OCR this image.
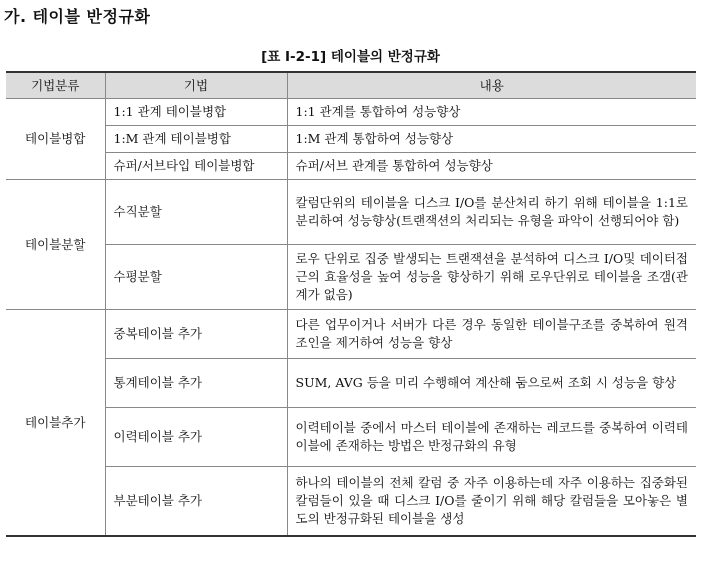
가. 테이블 반정규화
[표 Ⅰ-2-1] 테이블의 반정규화
기법분류	기법	내용
테이블병합	1:1 관계 테이블병합	1:1 관계를 통합하여 성능향상
	1:M 관계 테이블병합	1:M 관계 통합하여 성능향상
	슈퍼/서브타입 테이블병합	슈퍼/서브 관계를 통합하여 성능향상
테이블분할	수직분할	칼럼단위의 테이블을 디스크 I/O를 분산처리 하기 위해 테이블을 1:1로 분리하여 성능향상(트랜잭션의 처리되는 유형을 파악이 선행되어야 함)
	수평분할	로우 단위로 집중 발생되는 트랜잭션을 분석하여 디스크 I/O및 데이터접근의 효율성을 높여 성능을 향상하기 위해 로우단위로 테이블을 조갬(관계가 없음)
테이블추가	중복테이블 추가	다른 업무이거나 서버가 다른 경우 동일한 테이블구조를 중복하여 원격조인을 제거하여 성능을 향상
	통계테이블 추가	SUM, AVG 등을 미리 수행해여 계산해 둠으로써 조회 시 성능을 향상
	이력테이블 추가	이력테이블 중에서 마스터 테이블에 존재하는 레코드를 중복하여 이력테이블에 존재하는 방법은 반정규화의 유형
	부분테이블 추가	하나의 테이블의 전체 칼럼 중 자주 이용하는데 자주 이용하는 집중화된 칼럼들이 있을 때 디스크 I/O를 줄이기 위해 해당 칼럼들을 모아놓은 별도의 반정규화된 테이블을 생성
